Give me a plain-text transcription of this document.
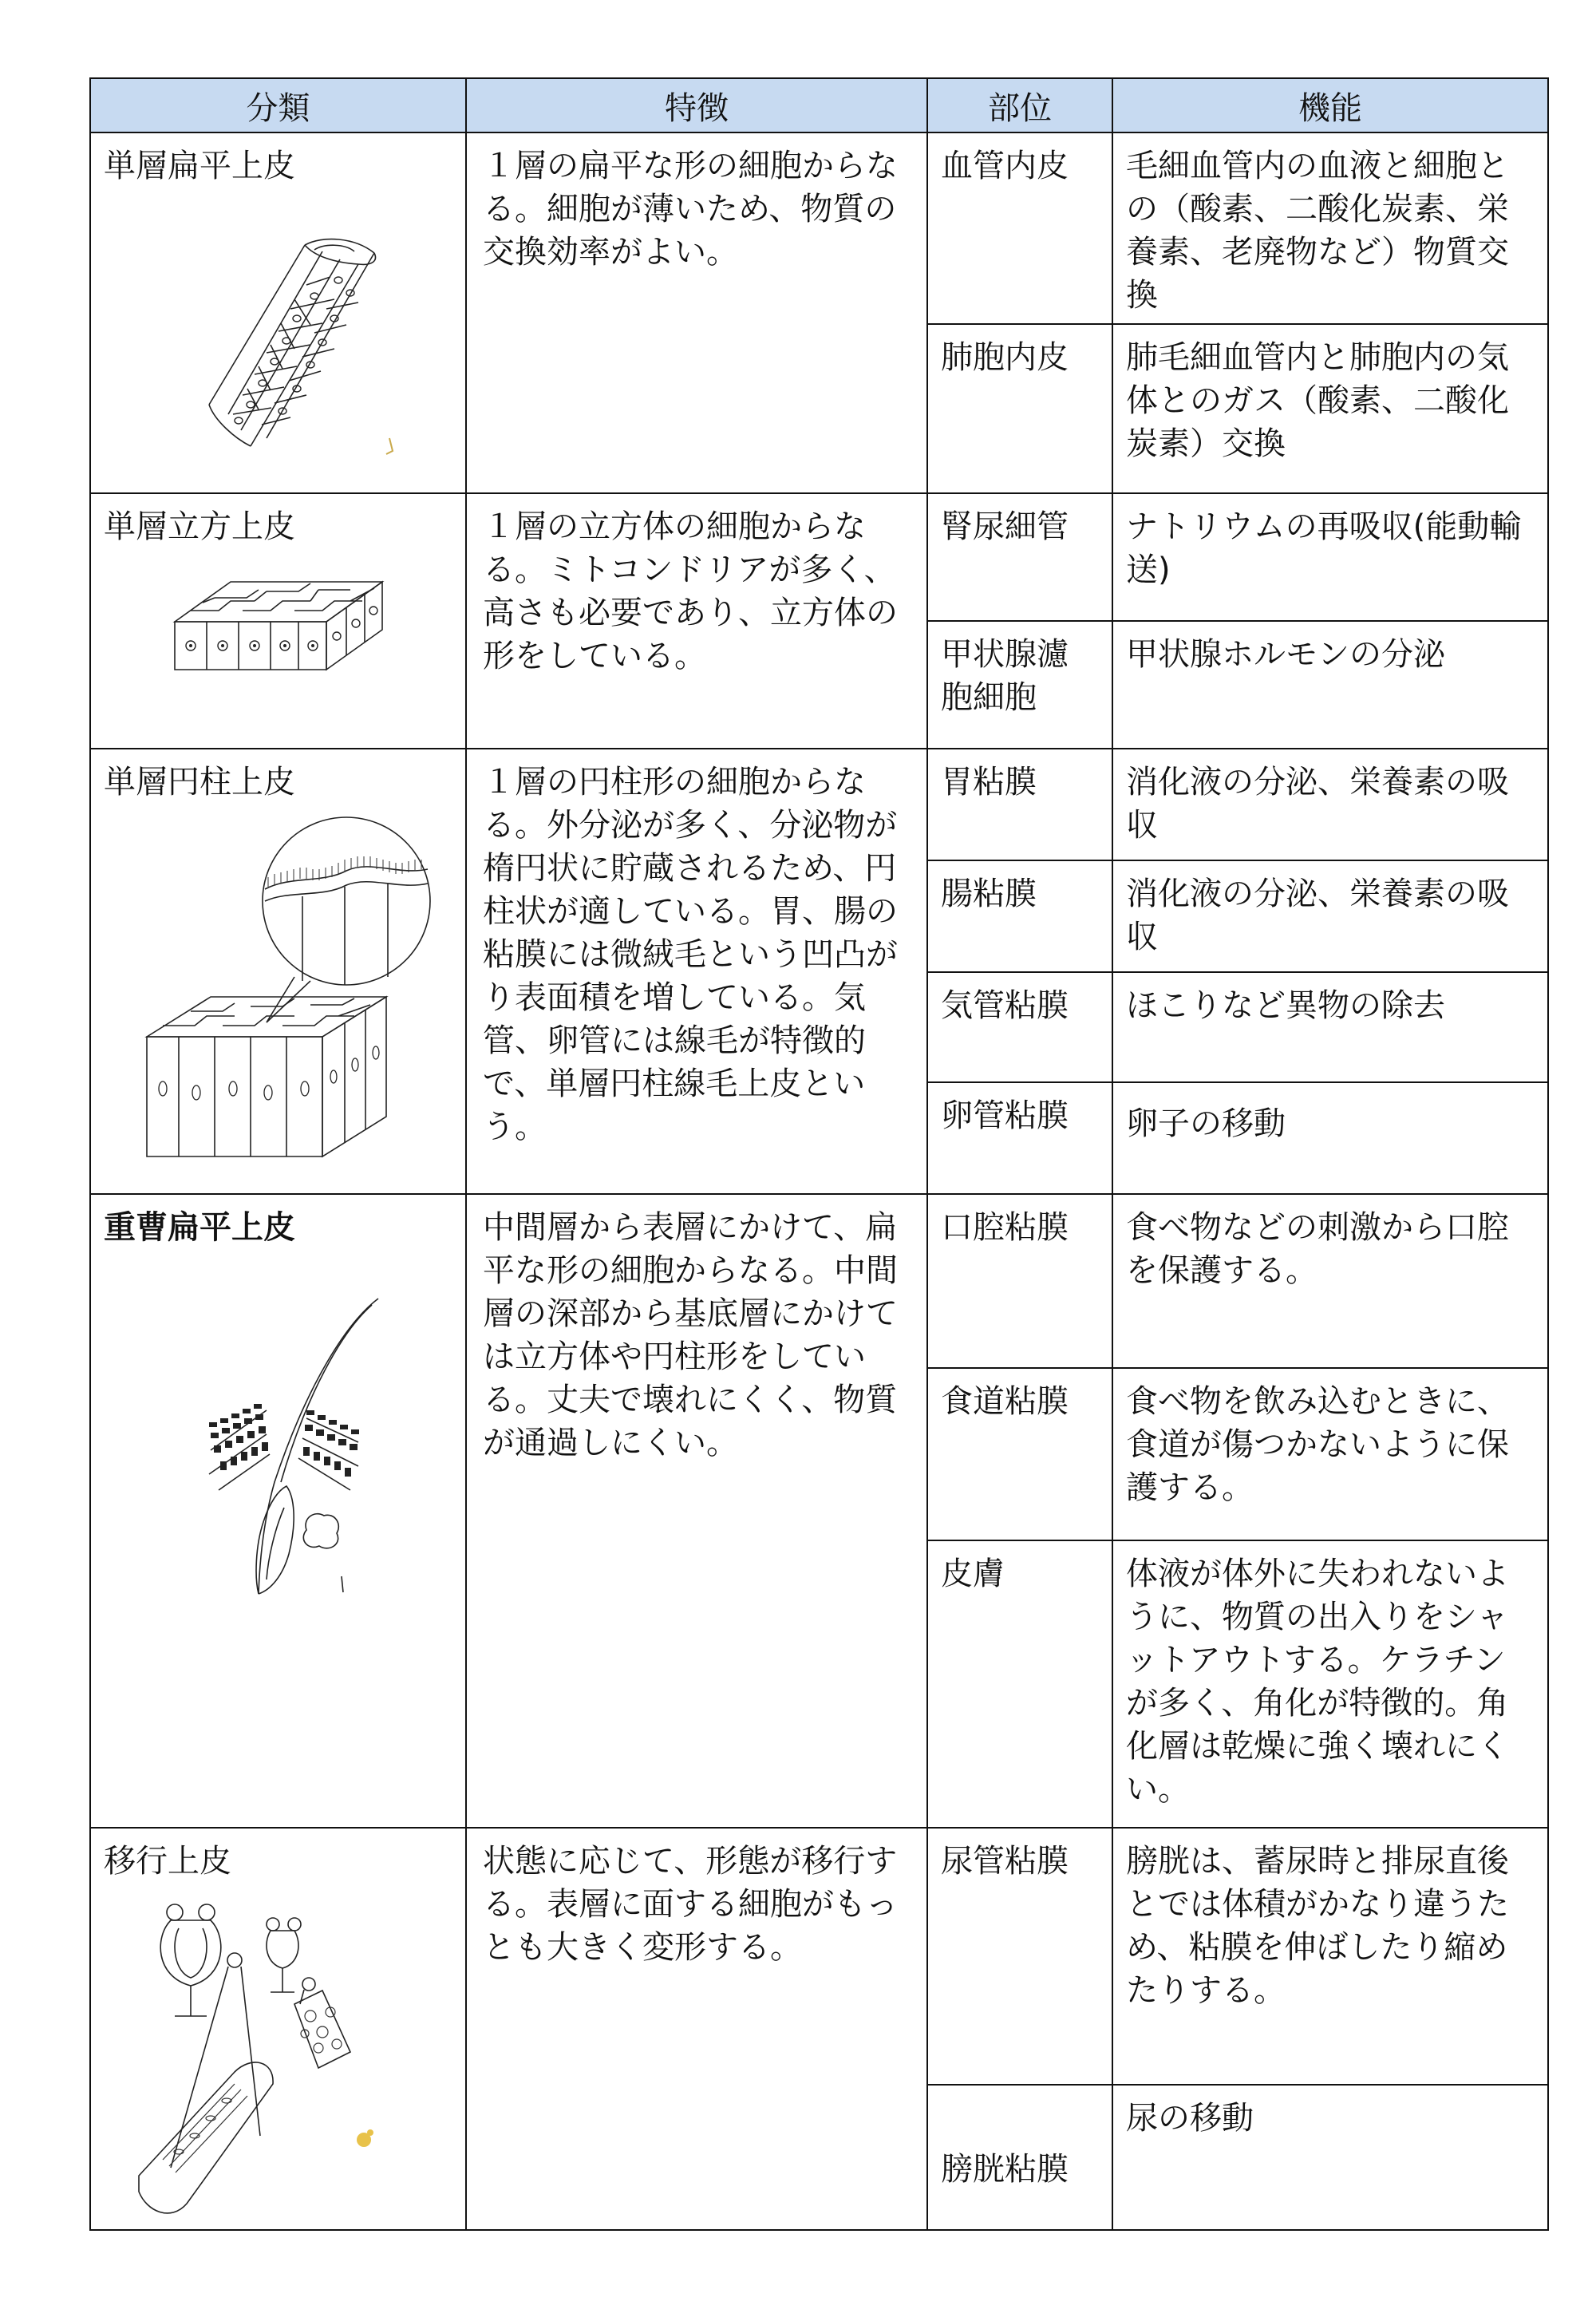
分類	特徴	部位	機能

単層扁平上皮	１層の扁平な形の細胞からなる。細胞が薄いため、物質の交換効率がよい。	血管内皮	毛細血管内の血液と細胞との（酸素、二酸化炭素、栄養素、老廃物など）物質交換
		肺胞内皮	肺毛細血管内と肺胞内の気体とのガス（酸素、二酸化炭素）交換

単層立方上皮	１層の立方体の細胞からなる。ミトコンドリアが多く、高さも必要であり、立方体の形をしている。	腎尿細管	ナトリウムの再吸収(能動輸送)
		甲状腺濾胞細胞	甲状腺ホルモンの分泌

単層円柱上皮	１層の円柱形の細胞からなる。外分泌が多く、分泌物が楕円状に貯蔵されるため、円柱状が適している。胃、腸の粘膜には微絨毛という凹凸がり表面積を増している。気管、卵管には線毛が特徴的で、単層円柱線毛上皮という。	胃粘膜	消化液の分泌、栄養素の吸収
		腸粘膜	消化液の分泌、栄養素の吸収
		気管粘膜	ほこりなど異物の除去
		卵管粘膜	卵子の移動

重曹扁平上皮	中間層から表層にかけて、扁平な形の細胞からなる。中間層の深部から基底層にかけては立方体や円柱形をしている。丈夫で壊れにくく、物質が通過しにくい。	口腔粘膜	食べ物などの刺激から口腔を保護する。
		食道粘膜	食べ物を飲み込むときに、食道が傷つかないように保護する。
		皮膚	体液が体外に失われないように、物質の出入りをシャットアウトする。ケラチンが多く、角化が特徴的。角化層は乾燥に強く壊れにくい。

移行上皮	状態に応じて、形態が移行する。表層に面する細胞がもっとも大きく変形する。	尿管粘膜	膀胱は、蓄尿時と排尿直後とでは体積がかなり違うため、粘膜を伸ばしたり縮めたりする。
		膀胱粘膜	尿の移動
